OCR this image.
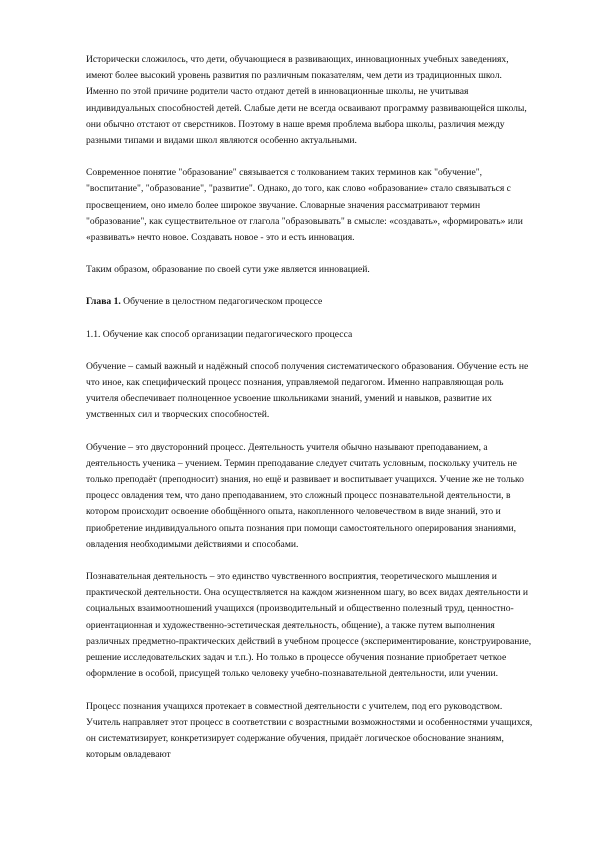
Исторически сложилось, что дети, обучающиеся в развивающих, инновационных учебных заведениях, имеют более высокий уровень развития по различным показателям, чем дети из традиционных школ. Именно по этой причине родители часто отдают детей в инновационные школы, не учитывая индивидуальных способностей детей. Слабые дети не всегда осваивают программу развивающейся школы, они обычно отстают от сверстников. Поэтому в наше время проблема выбора школы, различия между разными типами и видами школ являются особенно актуальными.

Современное понятие "образование" связывается с толкованием таких терминов как "обучение", "воспитание", "образование", "развитие". Однако, до того, как слово «образование» стало связываться с просвещением, оно имело более широкое звучание. Словарные значения рассматривают термин "образование", как существительное от глагола "образовывать" в смысле: «создавать», «формировать» или «развивать» нечто новое. Создавать новое - это и есть инновация.

Таким образом, образование по своей сути уже является инновацией.

Глава 1. Обучение в целостном педагогическом процессе

1.1. Обучение как способ организации педагогического процесса

Обучение – самый важный и надёжный способ получения систематического образования. Обучение есть не что иное, как специфический процесс познания, управляемой педагогом. Именно направляющая роль учителя обеспечивает полноценное усвоение школьниками знаний, умений и навыков, развитие их умственных сил и творческих способностей.

Обучение – это двусторонний процесс. Деятельность учителя обычно называют преподаванием, а деятельность ученика – учением. Термин преподавание следует считать условным, поскольку учитель не только преподаёт (преподносит) знания, но ещё и развивает и воспитывает учащихся. Учение же не только процесс овладения тем, что дано преподаванием, это сложный процесс познавательной деятельности, в котором происходит освоение обобщённого опыта, накопленного человечеством в виде знаний, это и приобретение индивидуального опыта познания при помощи самостоятельного оперирования знаниями, овладения необходимыми действиями и способами.

Познавательная деятельность – это единство чувственного восприятия, теоретического мышления и практической деятельности. Она осуществляется на каждом жизненном шагу, во всех видах деятельности и социальных взаимоотношений учащихся (производительный и общественно полезный труд, ценностно-ориентационная и художественно-эстетическая деятельность, общение), а также путем выполнения различных предметно-практических действий в учебном процессе (экспериментирование, конструирование, решение исследовательских задач и т.п.). Но только в процессе обучения познание приобретает четкое оформление в особой, присущей только человеку учебно-познавательной деятельности, или учении.

Процесс познания учащихся протекает в совместной деятельности с учителем, под его руководством. Учитель направляет этот процесс в соответствии с возрастными возможностями и особенностями учащихся, он систематизирует, конкретизирует содержание обучения, придаёт логическое обоснование знаниям, которым овладевают
